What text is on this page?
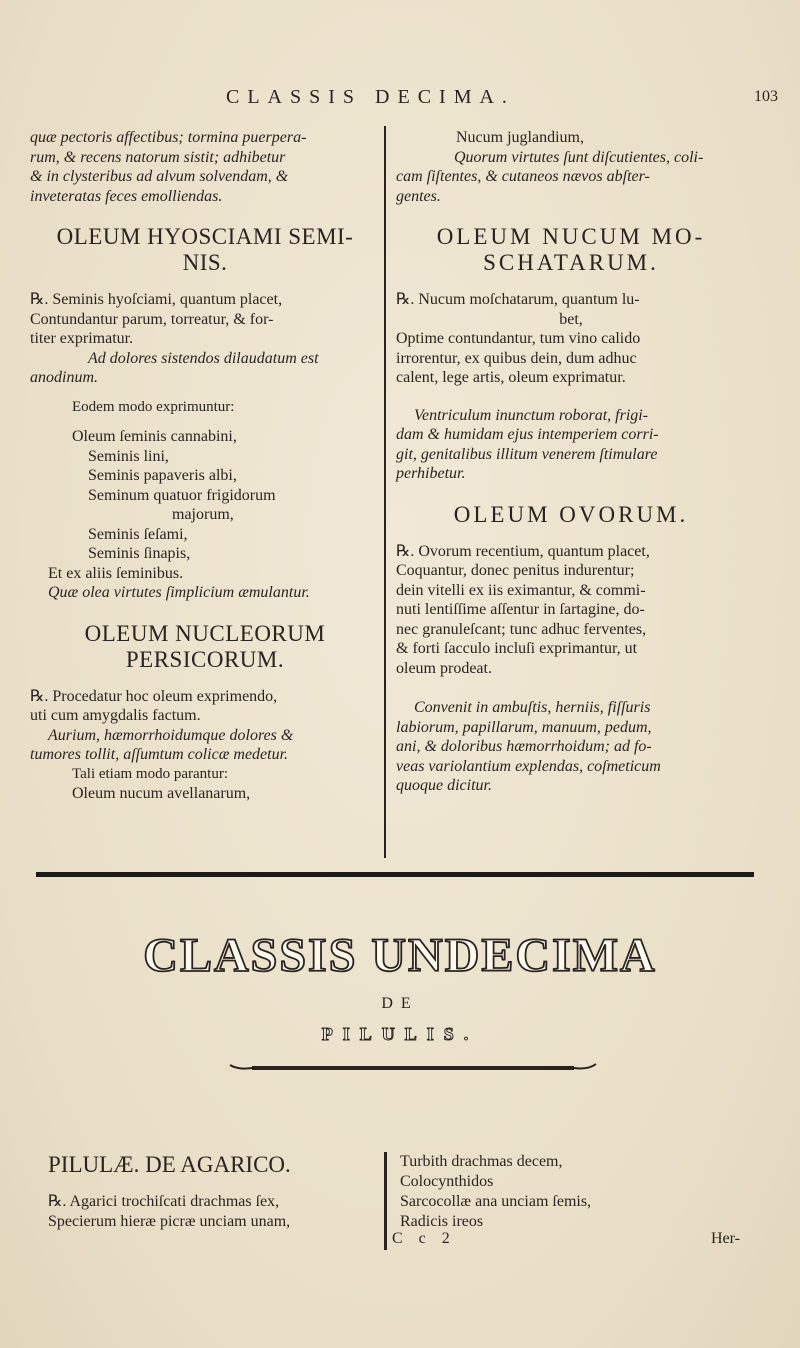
CLASSIS DECIMA.	103

quæ pectoris affectibus; tormina puerpera-

rum, & recens natorum sistit; adhibetur

& in clysteribus ad alvum solvendam, &

inveteratas feces emolliendas.

OLEUM HYOSCIAMI SEMI-
NIS.

℞. Seminis hyoſciami, quantum placet,

Contundantur parum, torreatur, & for-

titer exprimatur.

Ad dolores sistendos dilaudatum est

anodinum.

Eodem modo exprimuntur:

Oleum ſeminis cannabini,

Seminis lini,

Seminis papaveris albi,

Seminum quatuor frigidorum

majorum,

Seminis ſeſami,

Seminis ſinapis,

Et ex aliis ſeminibus.

Quæ olea virtutes ſimplicium æmulantur.

OLEUM NUCLEORUM
PERSICORUM.

℞. Procedatur hoc oleum exprimendo,

uti cum amygdalis factum.

Aurium, hæmorrhoidumque dolores &

tumores tollit, aſſumtum colicæ medetur.

Tali etiam modo parantur:

Oleum nucum avellanarum,

Nucum juglandium,

Quorum virtutes ſunt diſcutientes, coli-

cam ſiſtentes, & cutaneos nævos abſter-

gentes.

OLEUM NUCUM MO-
SCHATARUM.

℞. Nucum moſchatarum, quantum lu-

bet,

Optime contundantur, tum vino calido

irrorentur, ex quibus dein, dum adhuc

calent, lege artis, oleum exprimatur.

Ventriculum inunctum roborat, frigi-

dam & humidam ejus intemperiem corri-

git, genitalibus illitum venerem ſtimulare

perhibetur.

OLEUM OVORUM.

℞. Ovorum recentium, quantum placet,

Coquantur, donec penitus indurentur;

dein vitelli ex iis eximantur, & commi-

nuti lentiſſime aſſentur in ſartagine, do-

nec granuleſcant; tunc adhuc ferventes,

& forti ſacculo incluſi exprimantur, ut

oleum prodeat.

Convenit in ambuſtis, herniis, fiſſuris

labiorum, papillarum, manuum, pedum,

ani, & doloribus hæmorrhoidum; ad fo-

veas variolantium explendas, coſmeticum

quoque dicitur.

CLASSIS UNDECIMA
DE
PILULIS.
PILULÆ. DE AGARICO.

℞. Agarici trochiſcati drachmas ſex,

Specierum hieræ picræ unciam unam,

Turbith drachmas decem,

Colocynthidos

Sarcocollæ ana unciam ſemis,

Radicis ireos

C c 2	Her-
